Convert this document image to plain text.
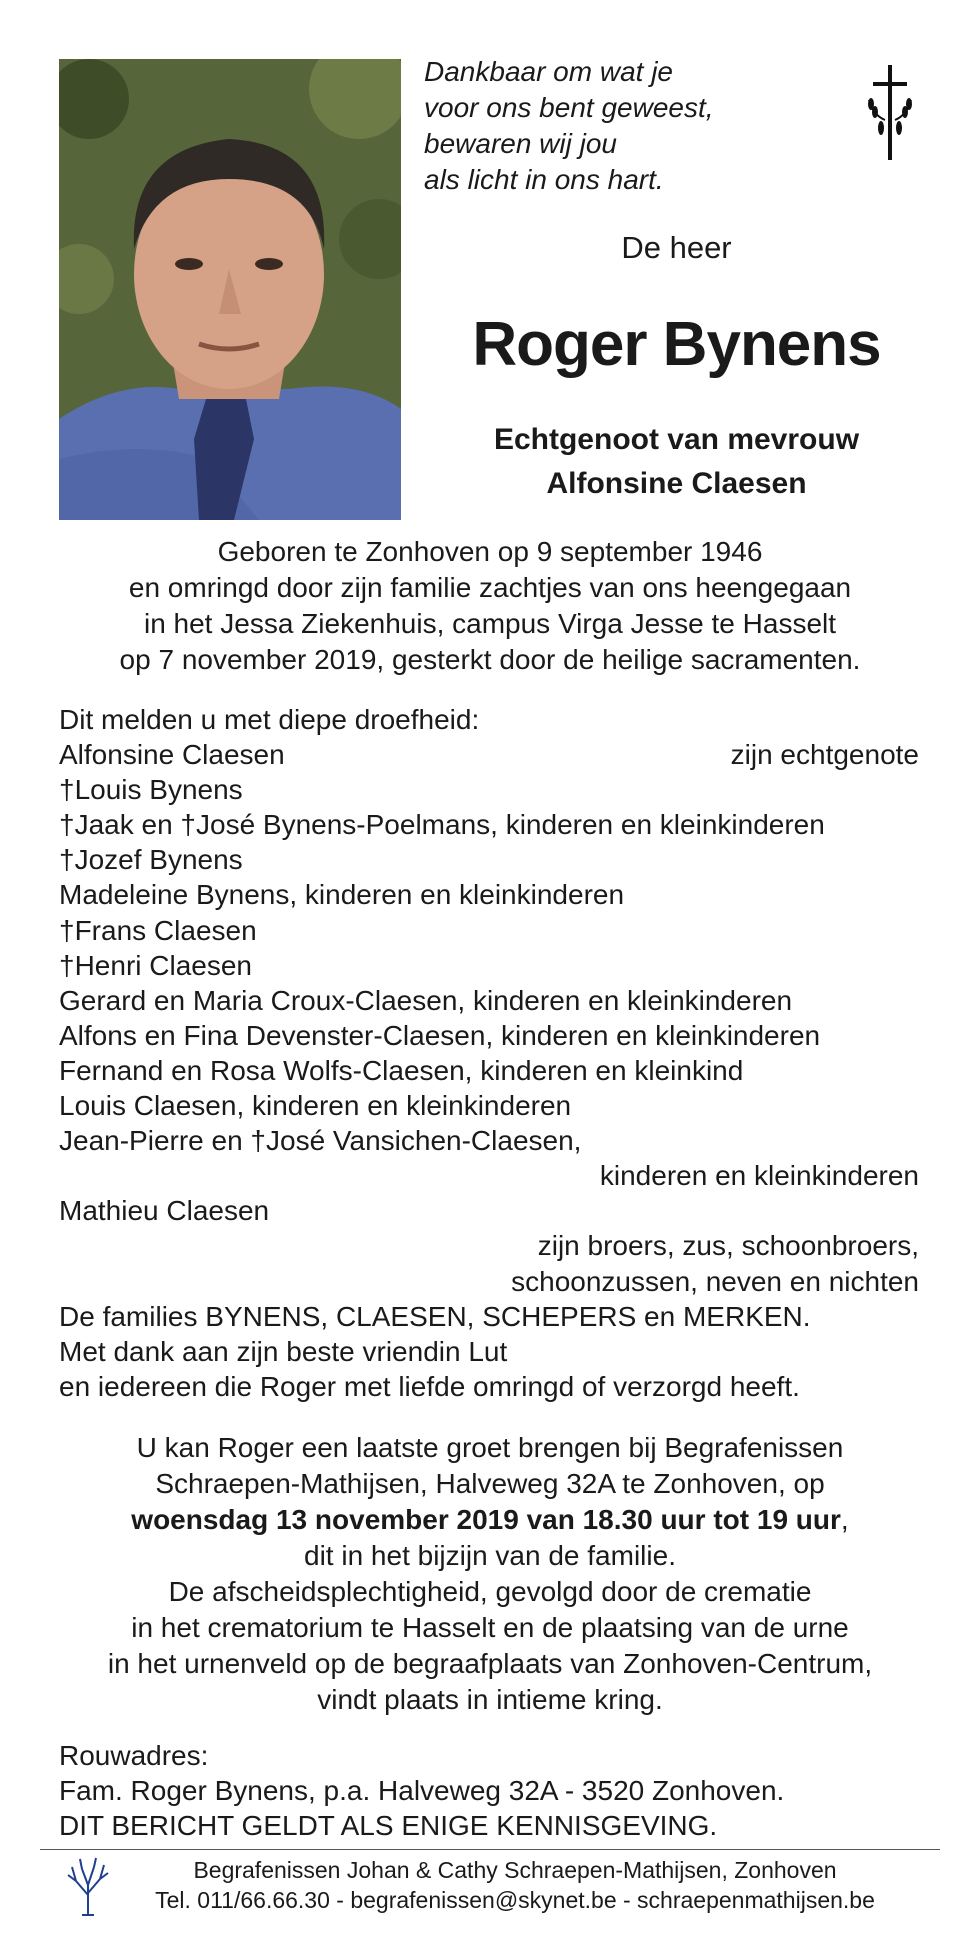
Dankbaar om wat je
voor ons bent geweest,
bewaren wij jou
als licht in ons hart.
De heer
Roger Bynens
Echtgenoot van mevrouw
Alfonsine Claesen
Geboren te Zonhoven op 9 september 1946
en omringd door zijn familie zachtjes van ons heengegaan
in het Jessa Ziekenhuis, campus Virga Jesse te Hasselt
op 7 november 2019, gesterkt door de heilige sacramenten.
Dit melden u met diepe droefheid:
Alfonsine Claesen	zijn echtgenote
†Louis Bynens
†Jaak en †José Bynens-Poelmans, kinderen en kleinkinderen
†Jozef Bynens
Madeleine Bynens, kinderen en kleinkinderen
†Frans Claesen
†Henri Claesen
Gerard en Maria Croux-Claesen, kinderen en kleinkinderen
Alfons en Fina Devenster-Claesen, kinderen en kleinkinderen
Fernand en Rosa Wolfs-Claesen, kinderen en kleinkind
Louis Claesen, kinderen en kleinkinderen
Jean-Pierre en †José Vansichen-Claesen,
kinderen en kleinkinderen
Mathieu Claesen
zijn broers, zus, schoonbroers,
schoonzussen, neven en nichten
De families BYNENS, CLAESEN, SCHEPERS en MERKEN.
Met dank aan zijn beste vriendin Lut
en iedereen die Roger met liefde omringd of verzorgd heeft.
U kan Roger een laatste groet brengen bij Begrafenissen
Schraepen-Mathijsen, Halveweg 32A te Zonhoven, op
woensdag 13 november 2019 van 18.30 uur tot 19 uur,
dit in het bijzijn van de familie.
De afscheidsplechtigheid, gevolgd door de crematie
in het crematorium te Hasselt en de plaatsing van de urne
in het urnenveld op de begraafplaats van Zonhoven-Centrum,
vindt plaats in intieme kring.
Rouwadres:
Fam. Roger Bynens, p.a. Halveweg 32A - 3520 Zonhoven.
DIT BERICHT GELDT ALS ENIGE KENNISGEVING.
Begrafenissen Johan & Cathy Schraepen-Mathijsen, Zonhoven
Tel. 011/66.66.30 - begrafenissen@skynet.be - schraepenmathijsen.be
